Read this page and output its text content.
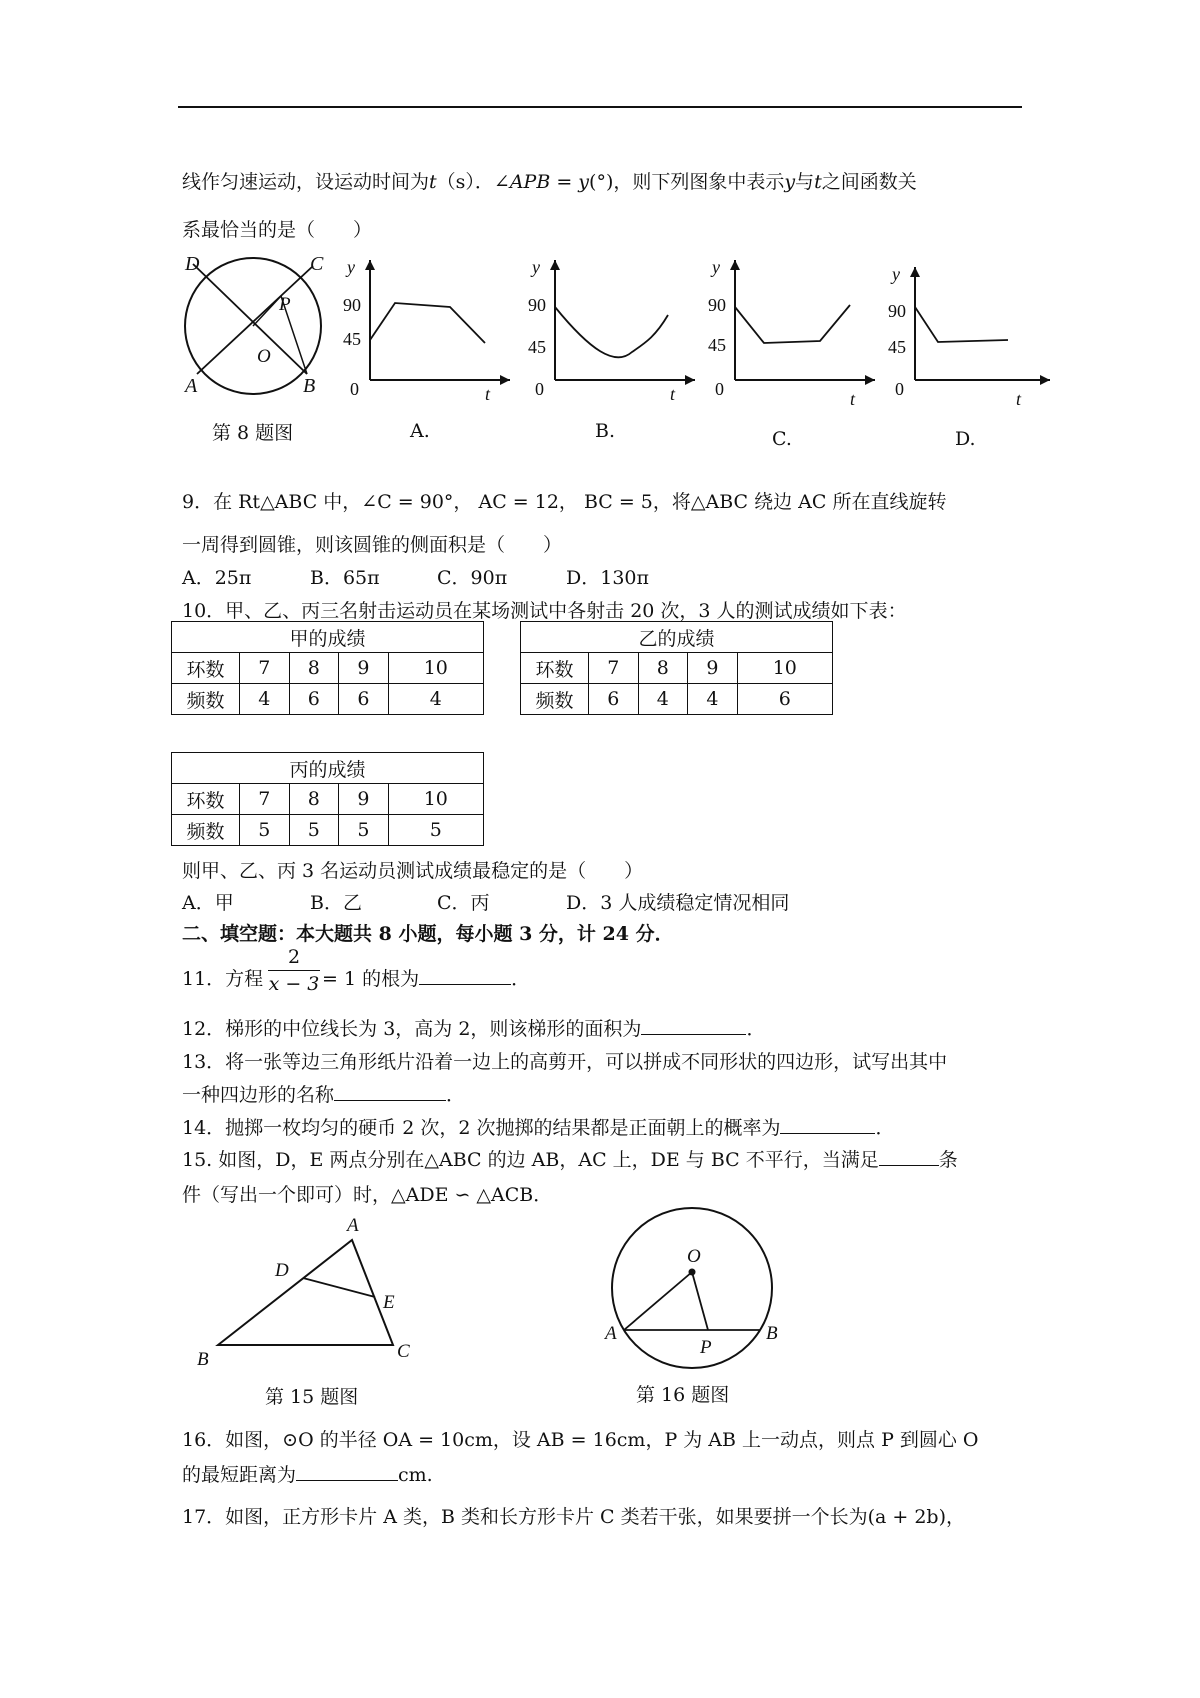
线作匀速运动，设运动时间为t（s）．∠APB = y(°)，则下列图象中表示y与t之间函数关
系最恰当的是（　　）
D	C
P
O
A	B
第 8 题图
90
45
y
0	t
A.
90
45
y
0	t
B.
90
45
y
0	t
C.
90
45
y
0	t
D.
9．在 Rt△ABC 中，∠C = 90°， AC = 12， BC = 5，将△ABC 绕边 AC 所在直线旋转
一周得到圆锥，则该圆锥的侧面积是（　　）
A．25π	B．65π	C．90π	D．130π
10．甲、乙、丙三名射击运动员在某场测试中各射击 20 次，3 人的测试成绩如下表：
甲的成绩				
环数	7	8	9	10
频数	4	6	6	4
乙的成绩				
环数	7	8	9	10
频数	6	4	4	6
丙的成绩				
环数	7	8	9	10
频数	5	5	5	5
则甲、乙、丙 3 名运动员测试成绩最稳定的是（　　）
A．甲	B．乙	C．丙	D．3 人成绩稳定情况相同
二、填空题：本大题共 8 小题，每小题 3 分，计 24 分．
11．方程
2
x − 3 = 1 的根为	．
12．梯形的中位线长为 3，高为 2，则该梯形的面积为	．
13．将一张等边三角形纸片沿着一边上的高剪开，可以拼成不同形状的四边形，试写出其中
一种四边形的名称	．
14．抛掷一枚均匀的硬币 2 次，2 次抛掷的结果都是正面朝上的概率为	．
15. 如图，D，E 两点分别在△ABC 的边 AB，AC 上，DE 与 BC 不平行，当满足	条
件（写出一个即可）时，△ADE ∽ △ACB．
A
D
E
B	C
第 15 题图
O
A	B
P
第 16 题图
16．如图，⊙O 的半径 OA = 10cm，设 AB = 16cm，P 为 AB 上一动点，则点 P 到圆心 O
的最短距离为	cm.
17．如图，正方形卡片 A 类，B 类和长方形卡片 C 类若干张，如果要拼一个长为(a + 2b)，
